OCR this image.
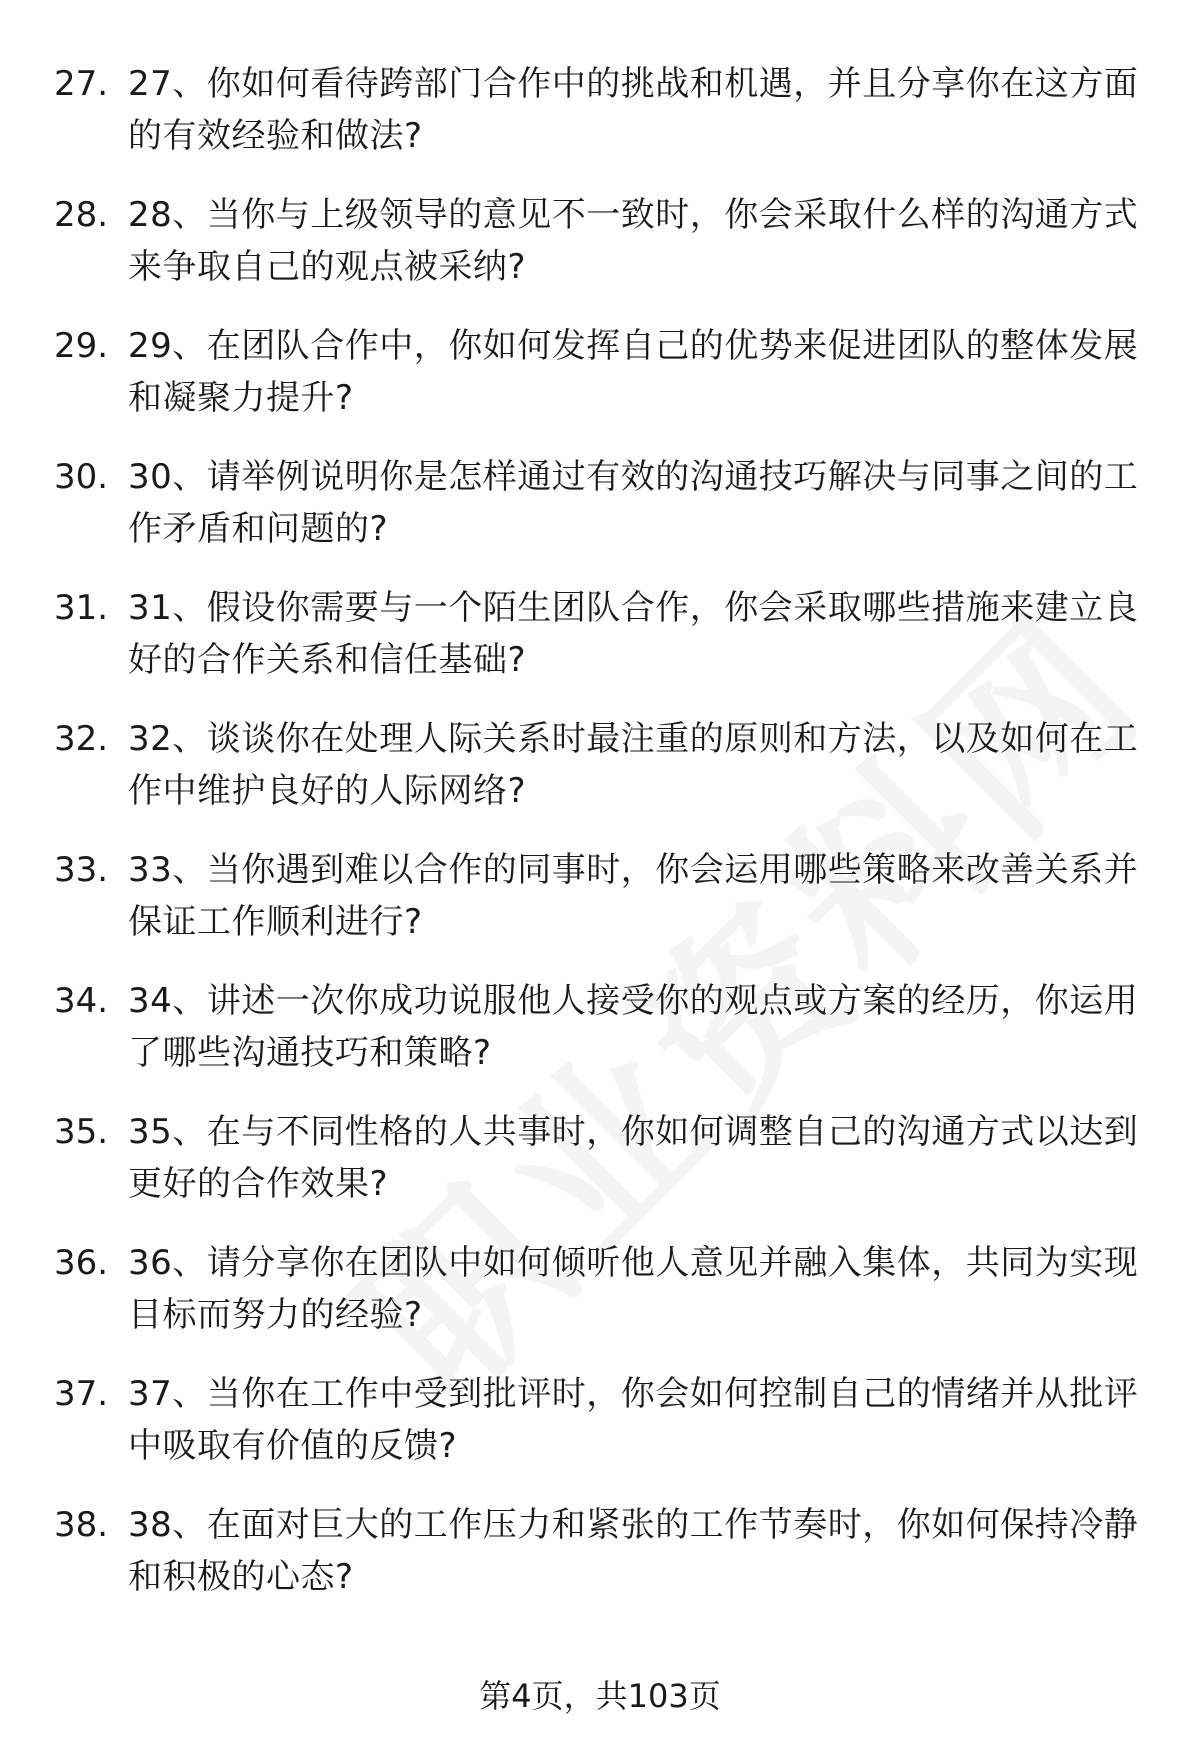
27. 27、你如何看待跨部门合作中的挑战和机遇，并且分享你在这方面的有效经验和做法?
28. 28、当你与上级领导的意见不一致时，你会采取什么样的沟通方式来争取自己的观点被采纳?
29. 29、在团队合作中，你如何发挥自己的优势来促进团队的整体发展和凝聚力提升?
30. 30、请举例说明你是怎样通过有效的沟通技巧解决与同事之间的工作矛盾和问题的?
31. 31、假设你需要与一个陌生团队合作，你会采取哪些措施来建立良好的合作关系和信任基础?
32. 32、谈谈你在处理人际关系时最注重的原则和方法，以及如何在工作中维护良好的人际网络?
33. 33、当你遇到难以合作的同事时，你会运用哪些策略来改善关系并保证工作顺利进行?
34. 34、讲述一次你成功说服他人接受你的观点或方案的经历，你运用了哪些沟通技巧和策略?
35. 35、在与不同性格的人共事时，你如何调整自己的沟通方式以达到更好的合作效果?
36. 36、请分享你在团队中如何倾听他人意见并融入集体，共同为实现目标而努力的经验?
37. 37、当你在工作中受到批评时，你会如何控制自己的情绪并从批评中吸取有价值的反馈?
38. 38、在面对巨大的工作压力和紧张的工作节奏时，你如何保持冷静和积极的心态?
第4页，共103页
